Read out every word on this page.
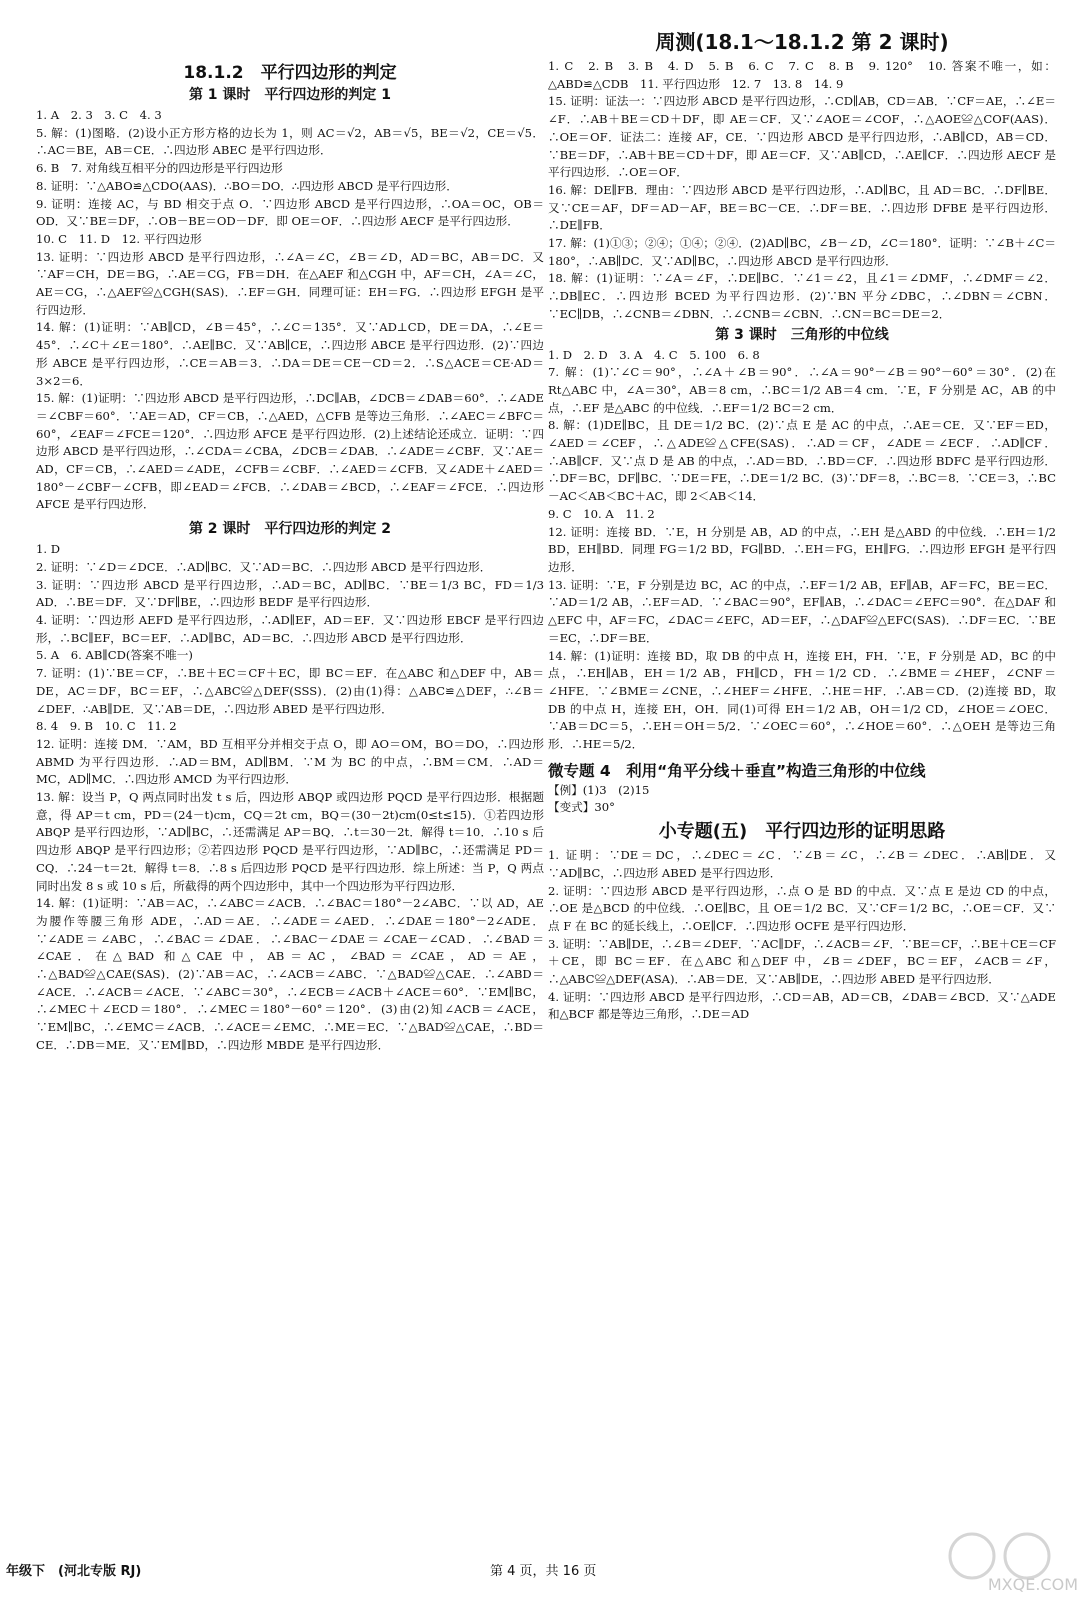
18.1.2　平行四边形的判定

第 1 课时　平行四边形的判定 1

1. A　2. 3　3. C　4. 3

5. 解：(1)图略．(2)设小正方形方格的边长为 1，则 AC＝√2，AB＝√5，BE＝√2，CE＝√5．∴AC＝BE，AB＝CE．∴四边形 ABEC 是平行四边形．

6. B　7. 对角线互相平分的四边形是平行四边形

8. 证明：∵△ABO≌△CDO(AAS)．∴BO＝DO．∴四边形 ABCD 是平行四边形．

9. 证明：连接 AC，与 BD 相交于点 O．∵四边形 ABCD 是平行四边形，∴OA＝OC，OB＝OD．又∵BE＝DF，∴OB－BE＝OD－DF．即 OE＝OF．∴四边形 AECF 是平行四边形．

10. C　11. D　12. 平行四边形

13. 证明：∵四边形 ABCD 是平行四边形，∴∠A＝∠C，∠B＝∠D，AD＝BC，AB＝DC．又∵AF＝CH，DE＝BG，∴AE＝CG，FB＝DH．在△AEF 和△CGH 中，AF＝CH，∠A＝∠C，AE＝CG，∴△AEF≌△CGH(SAS)．∴EF＝GH．同理可证：EH＝FG．∴四边形 EFGH 是平行四边形．

14. 解：(1)证明：∵AB∥CD，∠B＝45°，∴∠C＝135°．又∵AD⊥CD，DE＝DA，∴∠E＝45°．∴∠C＋∠E＝180°．∴AE∥BC．又∵AB∥CE，∴四边形 ABCE 是平行四边形．(2)∵四边形 ABCE 是平行四边形，∴CE＝AB＝3．∴DA＝DE＝CE－CD＝2．∴S△ACE＝CE·AD＝3×2＝6．

15. 解：(1)证明：∵四边形 ABCD 是平行四边形，∴DC∥AB，∠DCB＝∠DAB＝60°．∴∠ADE＝∠CBF＝60°．∵AE＝AD，CF＝CB，∴△AED，△CFB 是等边三角形．∴∠AEC＝∠BFC＝60°，∠EAF＝∠FCE＝120°．∴四边形 AFCE 是平行四边形．(2)上述结论还成立．证明：∵四边形 ABCD 是平行四边形，∴∠CDA＝∠CBA，∠DCB＝∠DAB．∴∠ADE＝∠CBF．又∵AE＝AD，CF＝CB，∴∠AED＝∠ADE，∠CFB＝∠CBF．∴∠AED＝∠CFB．又∠ADE＋∠AED＝180°－∠CBF－∠CFB，即∠EAD＝∠FCB．∴∠DAB＝∠BCD，∴∠EAF＝∠FCE．∴四边形 AFCE 是平行四边形．

第 2 课时　平行四边形的判定 2

1. D

2. 证明：∵∠D＝∠DCE．∴AD∥BC．又∵AD＝BC．∴四边形 ABCD 是平行四边形．

3. 证明：∵四边形 ABCD 是平行四边形，∴AD＝BC，AD∥BC．∵BE＝1/3 BC，FD＝1/3 AD．∴BE＝DF．又∵DF∥BE，∴四边形 BEDF 是平行四边形．

4. 证明：∵四边形 AEFD 是平行四边形，∴AD∥EF，AD＝EF．又∵四边形 EBCF 是平行四边形，∴BC∥EF，BC＝EF．∴AD∥BC，AD＝BC．∴四边形 ABCD 是平行四边形．

5. A　6. AB∥CD(答案不唯一)

7. 证明：(1)∵BE＝CF，∴BE＋EC＝CF＋EC，即 BC＝EF．在△ABC 和△DEF 中，AB＝DE，AC＝DF，BC＝EF，∴△ABC≌△DEF(SSS)．(2)由(1)得：△ABC≌△DEF，∴∠B＝∠DEF．∴AB∥DE．又∵AB＝DE，∴四边形 ABED 是平行四边形．

8. 4　9. B　10. C　11. 2

12. 证明：连接 DM．∵AM，BD 互相平分并相交于点 O，即 AO＝OM，BO＝DO，∴四边形 ABMD 为平行四边形．∴AD＝BM，AD∥BM．∵M 为 BC 的中点，∴BM＝CM．∴AD＝MC，AD∥MC．∴四边形 AMCD 为平行四边形．

13. 解：设当 P，Q 两点同时出发 t s 后，四边形 ABQP 或四边形 PQCD 是平行四边形．根据题意，得 AP＝t cm，PD＝(24－t)cm，CQ＝2t cm，BQ＝(30－2t)cm(0≤t≤15)．①若四边形 ABQP 是平行四边形，∵AD∥BC，∴还需满足 AP＝BQ．∴t＝30－2t．解得 t＝10．∴10 s 后四边形 ABQP 是平行四边形；②若四边形 PQCD 是平行四边形，∵AD∥BC，∴还需满足 PD＝CQ．∴24－t＝2t．解得 t＝8．∴8 s 后四边形 PQCD 是平行四边形．综上所述：当 P，Q 两点同时出发 8 s 或 10 s 后，所截得的两个四边形中，其中一个四边形为平行四边形．

14. 解：(1)证明：∵AB＝AC，∴∠ABC＝∠ACB．∴∠BAC＝180°－2∠ABC．∵以 AD，AE 为腰作等腰三角形 ADE，∴AD＝AE．∴∠ADE＝∠AED．∴∠DAE＝180°－2∠ADE．∵∠ADE＝∠ABC，∴∠BAC＝∠DAE．∴∠BAC－∠DAE＝∠CAE－∠CAD．∴∠BAD＝∠CAE．在△BAD 和△CAE 中，AB＝AC，∠BAD＝∠CAE，AD＝AE，∴△BAD≌△CAE(SAS)．(2)∵AB＝AC，∴∠ACB＝∠ABC．∵△BAD≌△CAE．∴∠ABD＝∠ACE．∴∠ACB＝∠ACE．∵∠ABC＝30°，∴∠ECB＝∠ACB＋∠ACE＝60°．∵EM∥BC，∴∠MEC＋∠ECD＝180°．∴∠MEC＝180°－60°＝120°．(3)由(2)知∠ACB＝∠ACE，∵EM∥BC，∴∠EMC＝∠ACB．∴∠ACE＝∠EMC．∴ME＝EC．∵△BAD≌△CAE，∴BD＝CE．∴DB＝ME．又∵EM∥BD，∴四边形 MBDE 是平行四边形．

周测(18.1～18.1.2 第 2 课时)

1. C　2. B　3. B　4. D　5. B　6. C　7. C　8. B　9. 120°　10. 答案不唯一，如：△ABD≌△CDB　11. 平行四边形　12. 7　13. 8　14. 9

15. 证明：证法一：∵四边形 ABCD 是平行四边形，∴CD∥AB，CD＝AB．∵CF＝AE，∴∠E＝∠F．∴AB＋BE＝CD＋DF，即 AE＝CF．又∵∠AOE＝∠COF，∴△AOE≌△COF(AAS)．∴OE＝OF．证法二：连接 AF，CE．∵四边形 ABCD 是平行四边形，∴AB∥CD，AB＝CD．∵BE＝DF，∴AB＋BE＝CD＋DF，即 AE＝CF．又∵AB∥CD，∴AE∥CF．∴四边形 AECF 是平行四边形．∴OE＝OF．

16. 解：DE∥FB．理由：∵四边形 ABCD 是平行四边形，∴AD∥BC，且 AD＝BC．∴DF∥BE．又∵CE＝AF，DF＝AD－AF，BE＝BC－CE．∴DF＝BE．∴四边形 DFBE 是平行四边形．∴DE∥FB．

17. 解：(1)①③；②④；①④；②④．(2)AD∥BC，∠B－∠D，∠C＝180°．证明：∵∠B＋∠C＝180°，∴AB∥DC．又∵AD∥BC，∴四边形 ABCD 是平行四边形．

18. 解：(1)证明：∵∠A＝∠F，∴DE∥BC．∵∠1＝∠2，且∠1＝∠DMF，∴∠DMF＝∠2．∴DB∥EC．∴四边形 BCED 为平行四边形．(2)∵BN 平分∠DBC，∴∠DBN＝∠CBN．∵EC∥DB，∴∠CNB＝∠DBN．∴∠CNB＝∠CBN．∴CN＝BC＝DE＝2．

第 3 课时　三角形的中位线

1. D　2. D　3. A　4. C　5. 100　6. 8

7. 解：(1)∵∠C＝90°，∴∠A＋∠B＝90°．∴∠A＝90°－∠B＝90°－60°＝30°．(2)在 Rt△ABC 中，∠A＝30°，AB＝8 cm，∴BC＝1/2 AB＝4 cm．∵E，F 分别是 AC，AB 的中点，∴EF 是△ABC 的中位线．∴EF＝1/2 BC＝2 cm．

8. 解：(1)DE∥BC，且 DE＝1/2 BC．(2)∵点 E 是 AC 的中点，∴AE＝CE．又∵EF＝ED，∠AED＝∠CEF，∴△ADE≌△CFE(SAS)．∴AD＝CF，∠ADE＝∠ECF．∴AD∥CF．∴AB∥CF．又∵点 D 是 AB 的中点，∴AD＝BD．∴BD＝CF．∴四边形 BDFC 是平行四边形．∴DF＝BC，DF∥BC．∵DE＝FE，∴DE＝1/2 BC．(3)∵DF＝8，∴BC＝8．∵CE＝3，∴BC－AC＜AB＜BC＋AC，即 2＜AB＜14．

9. C　10. A　11. 2

12. 证明：连接 BD．∵E，H 分别是 AB，AD 的中点，∴EH 是△ABD 的中位线．∴EH＝1/2 BD，EH∥BD．同理 FG＝1/2 BD，FG∥BD．∴EH＝FG，EH∥FG．∴四边形 EFGH 是平行四边形．

13. 证明：∵E，F 分别是边 BC，AC 的中点，∴EF＝1/2 AB，EF∥AB，AF＝FC，BE＝EC．∵AD＝1/2 AB，∴EF＝AD．∵∠BAC＝90°，EF∥AB，∴∠DAC＝∠EFC＝90°．在△DAF 和△EFC 中，AF＝FC，∠DAC＝∠EFC，AD＝EF，∴△DAF≌△EFC(SAS)．∴DF＝EC．∵BE＝EC，∴DF＝BE．

14. 解：(1)证明：连接 BD，取 DB 的中点 H，连接 EH，FH．∵E，F 分别是 AD，BC 的中点，∴EH∥AB，EH＝1/2 AB，FH∥CD，FH＝1/2 CD．∴∠BME＝∠HEF，∠CNF＝∠HFE．∵∠BME＝∠CNE，∴∠HEF＝∠HFE．∴HE＝HF．∴AB＝CD．(2)连接 BD，取 DB 的中点 H，连接 EH，OH．同(1)可得 EH＝1/2 AB，OH＝1/2 CD，∠HOE＝∠OEC．∵AB＝DC＝5，∴EH＝OH＝5/2．∵∠OEC＝60°，∴∠HOE＝60°．∴△OEH 是等边三角形．∴HE＝5/2．

微专题 4　利用“角平分线＋垂直”构造三角形的中位线

【例】(1)3　(2)15

【变式】30°

小专题(五)　平行四边形的证明思路

1. 证明：∵DE＝DC，∴∠DEC＝∠C．∵∠B＝∠C，∴∠B＝∠DEC．∴AB∥DE．又∵AD∥BC，∴四边形 ABED 是平行四边形．

2. 证明：∵四边形 ABCD 是平行四边形，∴点 O 是 BD 的中点．又∵点 E 是边 CD 的中点，∴OE 是△BCD 的中位线．∴OE∥BC，且 OE＝1/2 BC．又∵CF＝1/2 BC，∴OE＝CF．又∵点 F 在 BC 的延长线上，∴OE∥CF．∴四边形 OCFE 是平行四边形．

3. 证明：∵AB∥DE，∴∠B＝∠DEF．∵AC∥DF，∴∠ACB＝∠F．∵BE＝CF，∴BE＋CE＝CF＋CE，即 BC＝EF．在△ABC 和△DEF 中，∠B＝∠DEF，BC＝EF，∠ACB＝∠F，∴△ABC≌△DEF(ASA)．∴AB＝DE．又∵AB∥DE，∴四边形 ABED 是平行四边形．

4. 证明：∵四边形 ABCD 是平行四边形，∴CD＝AB，AD＝CB，∠DAB＝∠BCD．又∵△ADE 和△BCF 都是等边三角形，∴DE＝AD

年级下　(河北专版 RJ)	第 4 页，共 16 页
MXQE.COM
